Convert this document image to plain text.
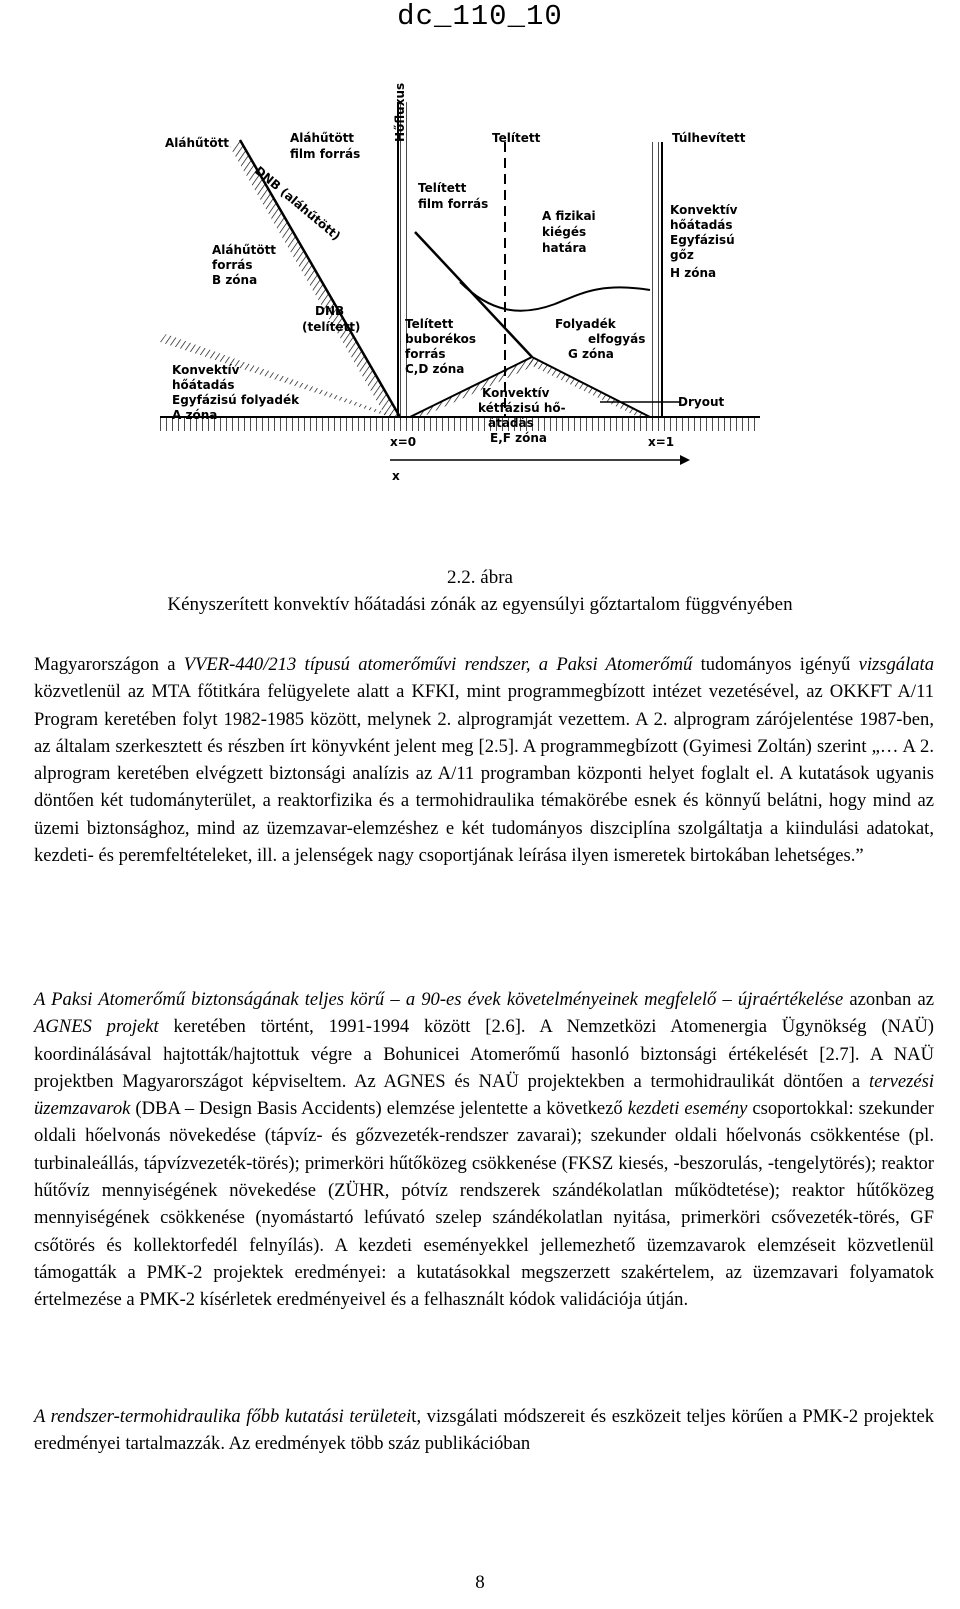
dc_110_10
Aláhűtött	Aláhűtött
film forrás
Hőfluxus	Telített	Túlhevített
DNB (aláhűtött)	Telített
film forrás
A fizikai
kiégés
határa
Konvektív
hőátadás
Egyfázisú
gőz
H zóna
Aláhűtött
forrás
B zóna
DNB
(telített)	Telített
buborékos
forrás
C,D zóna
Folyadék
elfogyás
G zóna
Konvektív
hőátadás
Egyfázisú folyadék
A zóna
Konvektív
kétfázisú hő-
átadás
E,F zóna
Dryout
x=0	x=1
x
2.2. ábra
Kényszerített konvektív hőátadási zónák az egyensúlyi gőztartalom függvényében

Magyarországon a VVER-440/213 típusú atomerőművi rendszer, a Paksi Atomerőmű tudományos igényű vizsgálata közvetlenül az MTA főtitkára felügyelete alatt a KFKI, mint programmegbízott intézet vezetésével, az OKKFT A/11 Program keretében folyt 1982-1985 között, melynek 2. alprogramját vezettem. A 2. alprogram zárójelentése 1987-ben, az általam szerkesztett és részben írt könyvként jelent meg [2.5]. A programmegbízott (Gyimesi Zoltán) szerint „… A 2. alprogram keretében elvégzett biztonsági analízis az A/11 programban központi helyet foglalt el. A kutatások ugyanis döntően két tudományterület, a reaktorfizika és a termohidraulika témakörébe esnek és könnyű belátni, hogy mind az üzemi biztonsághoz, mind az üzemzavar-elemzéshez e két tudományos diszciplína szolgáltatja a kiindulási adatokat, kezdeti- és peremfeltételeket, ill. a jelenségek nagy csoportjának leírása ilyen ismeretek birtokában lehetséges.”

A Paksi Atomerőmű biztonságának teljes körű – a 90-es évek követelményeinek megfelelő – újraértékelése azonban az AGNES projekt keretében történt, 1991-1994 között [2.6]. A Nemzetközi Atomenergia Ügynökség (NAÜ) koordinálásával hajtották/hajtottuk végre a Bohunicei Atomerőmű hasonló biztonsági értékelését [2.7]. A NAÜ projektben Magyarországot képviseltem. Az AGNES és NAÜ projektekben a termohidraulikát döntően a tervezési üzemzavarok (DBA – Design Basis Accidents) elemzése jelentette a következő kezdeti esemény csoportokkal: szekunder oldali hőelvonás növekedése (tápvíz- és gőzvezeték-rendszer zavarai); szekunder oldali hőelvonás csökkentése (pl. turbinaleállás, tápvízvezeték-törés); primerköri hűtőközeg csökkenése (FKSZ kiesés, -beszorulás, -tengelytörés); reaktor hűtővíz mennyiségének növekedése (ZÜHR, pótvíz rendszerek szándékolatlan működtetése); reaktor hűtőközeg mennyiségének csökkenése (nyomástartó lefúvató szelep szándékolatlan nyitása, primerköri csővezeték-törés, GF csőtörés és kollektorfedél felnyílás). A kezdeti eseményekkel jellemezhető üzemzavarok elemzéseit közvetlenül támogatták a PMK-2 projektek eredményei: a kutatásokkal megszerzett szakértelem, az üzemzavari folyamatok értelmezése a PMK-2 kísérletek eredményeivel és a felhasznált kódok validációja útján.

A rendszer-termohidraulika főbb kutatási területeit, vizsgálati módszereit és eszközeit teljes körűen a PMK-2 projektek eredményei tartalmazzák. Az eredmények több száz publikációban

8
